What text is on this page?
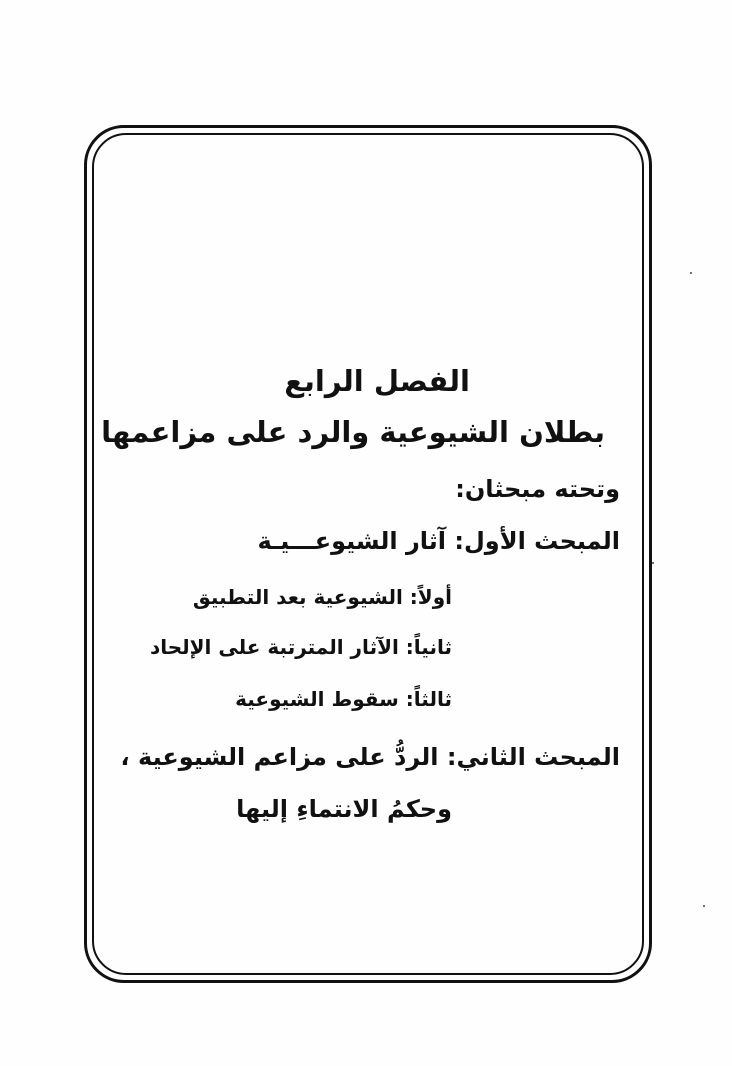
الفصل الرابع
بطلان الشيوعية والرد على مزاعمها
وتحته مبحثان:
المبحث الأول: آثار الشيوعـــيـة
أولاً: الشيوعية بعد التطبيق
ثانياً: الآثار المترتبة على الإلحاد
ثالثاً: سقوط الشيوعية
المبحث الثاني: الردُّ على مزاعم الشيوعية ،
وحكمُ الانتماءِ إليها
